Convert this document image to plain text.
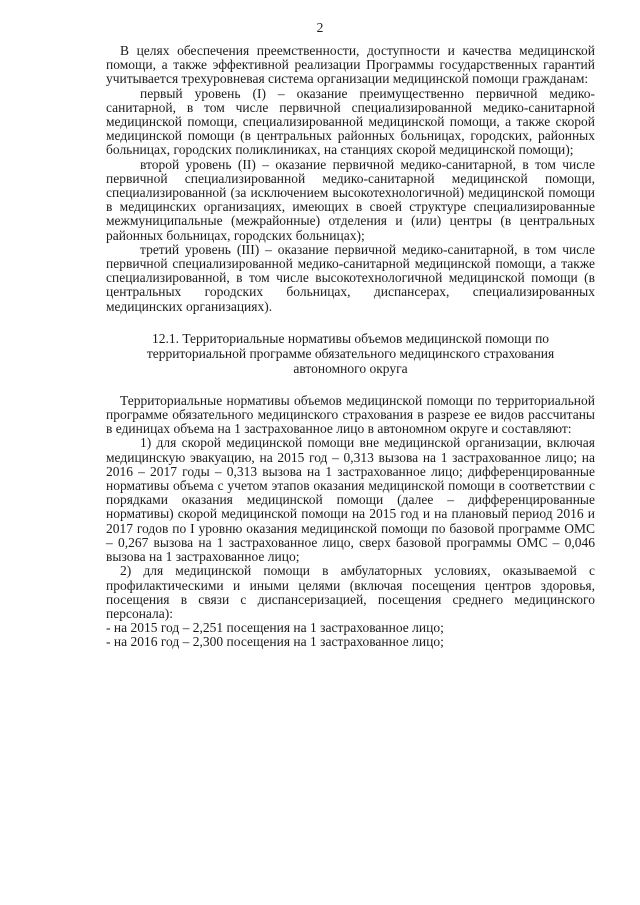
2

В целях обеспечения преемственности, доступности и качества медицинской помощи, а также эффективной реализации Программы государственных гарантий учитывается трехуровневая система организации медицинской помощи гражданам:

первый уровень (I) – оказание преимущественно первичной медико-санитарной, в том числе первичной специализированной медико-санитарной медицинской помощи, специализированной медицинской помощи, а также скорой медицинской помощи (в центральных районных больницах, городских, районных больницах, городских поликлиниках, на станциях скорой медицинской помощи);

второй уровень (II) – оказание первичной медико-санитарной, в том числе первичной специализированной медико-санитарной медицинской помощи, специализированной (за исключением высокотехнологичной) медицинской помощи в медицинских организациях, имеющих в своей структуре специализированные межмуниципальные (межрайонные) отделения и (или) центры (в центральных районных больницах, городских больницах);

третий уровень (III) – оказание первичной медико-санитарной, в том числе первичной специализированной медико-санитарной медицинской помощи, а также специализированной, в том числе высокотехнологичной медицинской помощи (в центральных городских больницах, диспансерах, специализированных медицинских организациях).

12.1. Территориальные нормативы объемов медицинской помощи по территориальной программе обязательного медицинского страхования автономного округа

Территориальные нормативы объемов медицинской помощи по территориальной программе обязательного медицинского страхования в разрезе ее видов рассчитаны в единицах объема на 1 застрахованное лицо в автономном округе и составляют:

1) для скорой медицинской помощи вне медицинской организации, включая медицинскую эвакуацию, на 2015 год – 0,313 вызова на 1 застрахованное лицо; на 2016 – 2017 годы – 0,313 вызова на 1 застрахованное лицо; дифференцированные нормативы объема с учетом этапов оказания медицинской помощи в соответствии с порядками оказания медицинской помощи (далее – дифференцированные нормативы) скорой медицинской помощи на 2015 год и на плановый период 2016 и 2017 годов по I уровню оказания медицинской помощи по базовой программе ОМС – 0,267 вызова на 1 застрахованное лицо, сверх базовой программы ОМС – 0,046 вызова на 1 застрахованное лицо;

2) для медицинской помощи в амбулаторных условиях, оказываемой с профилактическими и иными целями (включая посещения центров здоровья, посещения в связи с диспансеризацией, посещения среднего медицинского персонала):

- на 2015 год – 2,251 посещения на 1 застрахованное лицо;

- на 2016 год – 2,300 посещения на 1 застрахованное лицо;
